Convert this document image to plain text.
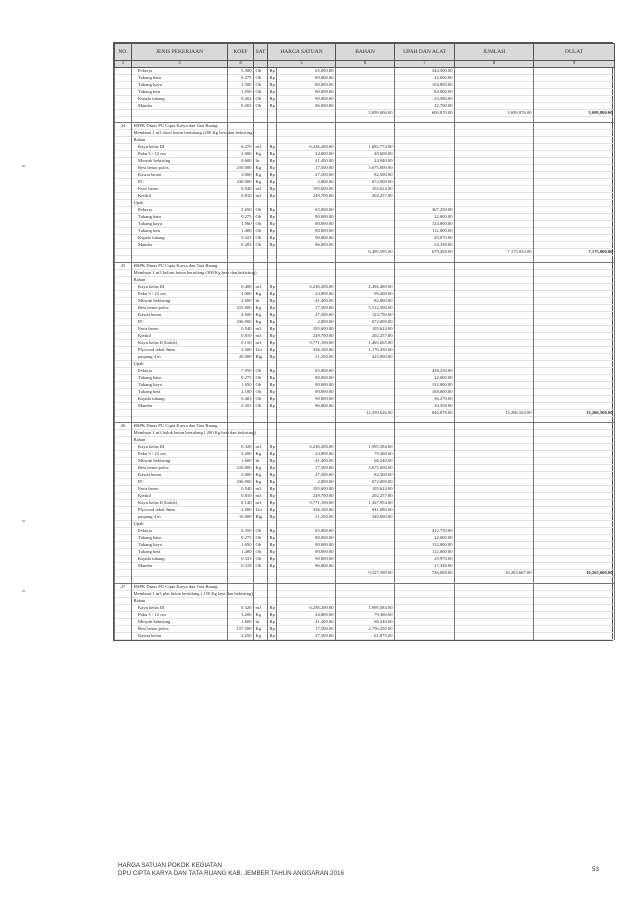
NO.	JENIS PEKERJAAN	KOEF	SAT	HARGA SATUAN		BAHAN	UPAH DAN ALAT	JUMLAH	DULAT
1	3	4		5		6	7	8	9
	Pekerja	5.300	Oh	Rp	65,000.00		344,500.00		
	Tukang batu	0.275	Oh	Rp	80,000.00		22,000.00		
	Tukang kayu	1.300	Oh	Rp	80,000.00		104,000.00		
	Tukang besi	1.050	Oh	Rp	80,000.00		84,000.00		
	Kepala tukang	0.262	Oh	Rp	90,000.00		23,580.00		
	Mandor	0.265	Oh	Rp	86,000.00		22,790.00		
						5,099,006.00	600,870.00	5,699,876.00	5,699,800.00

24	HSPK Dinas PU Cipta Karya dan Tata Ruang								
	Membuat 1 m3 sloof beton bertulang (200 Kg besi dan bekisting)								
	Bahan								
	Kayu kelas III	0.270	m3	Rp	6,236,200.00	1,683,774.00			
	Paku 5 - 12 cm	2.000	Kg	Rp	24,800.00	49,600.00			
	Minyak bekisting	0.600	ltr	Rp	41,400.00	24,840.00			
	Besi beton polos	210.000	Kg	Rp	17,500.00	3,675,000.00			
	Kawat beton	3.000	Kg	Rp	27,500.00	82,500.00			
	PC	336.000	Kg	Rp	2,000.00	672,000.00			
	Pasir beton	0.540	m3	Rp	195,600.00	105,624.00			
	Kerikil	0.810	m3	Rp	249,700.00	202,257.00			
	Upah								
	Pekerja	5.650	Oh	Rp	65,000.00		367,250.00		
	Tukang batu	0.275	Oh	Rp	80,000.00		22,000.00		
	Tukang kayu	1.560	Oh	Rp	80,000.00		124,800.00		
	Tukang besi	1.400	Oh	Rp	80,000.00		112,000.00		
	Kepala tukang	0.323	Oh	Rp	90,000.00		29,070.00		
	Mandor	0.283	Oh	Rp	86,000.00		24,338.00		
						6,495,595.00	679,458.00	7,175,053.00	7,175,000.00

25	HSPK Dinas PU Cipta Karya dan Tata Ruang								
	Membuat 1 m3 kolom beton bertulang (300 Kg besi dan bekisting)								
	Bahan								
	Kayu kelas III	0.400	m3	Rp	6,236,200.00	2,494,480.00			
	Paku 5 - 12 cm	4.000	Kg	Rp	24,800.00	99,200.00			
	Minyak bekisting	2.000	ltr	Rp	41,400.00	82,800.00			
	Besi beton polos	315.000	Kg	Rp	17,500.00	5,512,500.00			
	Kawat beton	4.500	Kg	Rp	27,500.00	123,750.00			
	PC	336.000	Kg	Rp	2,000.00	672,000.00			
	Pasir beton	0.540	m3	Rp	195,600.00	105,624.00			
	Kerikil	0.810	m3	Rp	249,700.00	202,257.00			
	Kayu kelas II (balok)	0.150	m3	Rp	9,771,100.00	1,465,665.00			
	Plywood tebal 9mm	3.500	Lbr	Rp	336,100.00	1,176,350.00			
	panjang 4 m	20.000	Btg	Rp	21,250.00	425,000.00			
	Upah								
	Pekerja	7.050	Oh	Rp	65,000.00		458,250.00		
	Tukang batu	0.275	Oh	Rp	80,000.00		22,000.00		
	Tukang kayu	1.650	Oh	Rp	80,000.00		132,000.00		
	Tukang besi	2.100	Oh	Rp	80,000.00		168,000.00		
	Kepala tukang	0.403	Oh	Rp	90,000.00		36,270.00		
	Mandor	0.353	Oh	Rp	86,000.00		30,358.00		
						12,359,626.00	846,878.00	13,206,504.00	13,206,500.00

26	HSPK Dinas PU Cipta Karya dan Tata Ruang								
	Membuat 1 m3 balok beton bertulang ( 200 Kg besi dan bekisting)								
	Bahan								
	Kayu kelas III	0.320	m3	Rp	6,236,200.00	1,995,584.00			
	Paku 5 - 12 cm	3.200	Kg	Rp	24,800.00	79,360.00			
	Minyak bekisting	1.600	ltr	Rp	41,400.00	66,240.00			
	Besi beton polos	210.000	Kg	Rp	17,500.00	3,675,000.00			
	Kawat beton	3.000	Kg	Rp	27,500.00	82,500.00			
	PC	336.000	Kg	Rp	2,000.00	672,000.00			
	Pasir beton	0.540	m3	Rp	195,600.00	105,624.00			
	Kerikil	0.810	m3	Rp	249,700.00	202,257.00			
	Kayu kelas II (balok)	0.140	m3	Rp	9,771,100.00	1,367,954.00			
	Plywood tebal 9mm	2.800	Lbr	Rp	336,100.00	941,080.00			
	panjang 4 m	16.000	Btg	Rp	21,250.00	340,000.00			
	Upah								
	Pekerja	6.350	Oh	Rp	65,000.00		412,750.00		
	Tukang batu	0.275	Oh	Rp	80,000.00		22,000.00		
	Tukang kayu	1.650	Oh	Rp	80,000.00		132,000.00		
	Tukang besi	1.400	Oh	Rp	80,000.00		112,000.00		
	Kepala tukang	0.333	Oh	Rp	90,000.00		29,970.00		
	Mandor	0.318	Oh	Rp	86,000.00		27,348.00		
						9,527,599.00	736,068.00	10,263,667.00	10,263,600.00

27	HSPK Dinas PU Cipta Karya dan Tata Ruang								
	Membuat 1 m3 plat beton bertulang ( 150 Kg besi dan bekisting)								
	Bahan								
	Kayu kelas III	0.320	m3	Rp	6,236,200.00	1,995,584.00			
	Paku 5 - 12 cm	3.200	Kg	Rp	24,800.00	79,360.00			
	Minyak bekisting	1.600	ltr	Rp	41,400.00	66,240.00			
	Besi beton polos	157.500	Kg	Rp	17,500.00	2,756,250.00			
	Kawat beton	2.250	Kg	Rp	27,500.00	61,875.00			
HARGA SATUAN POKOK KEGIATAN
DPU CIPTA KARYA DAN TATA RUANG KAB. JEMBER TAHUN ANGGARAN 2016
53
